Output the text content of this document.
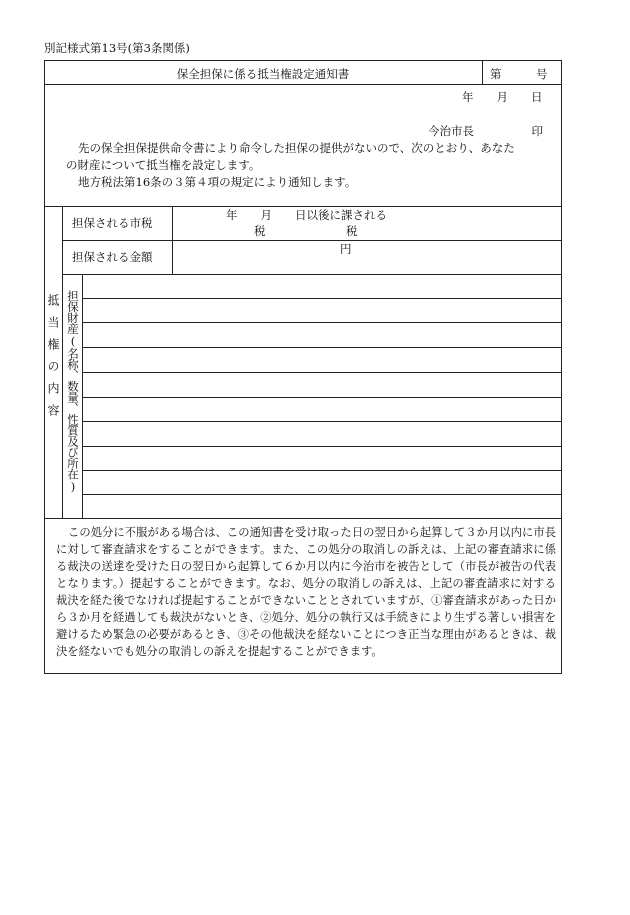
別記様式第13号(第3条関係)
保全担保に係る抵当権設定通知書	第　　　号
年　　月　　日
今治市長　　　　　印
先の保全担保提供命令書により命令した担保の提供がないので、次のとおり、あなた
の財産について抵当権を設定します。
地方税法第16条の３第４項の規定により通知します。
抵当権の内容
担保される市税
年　　月　　日以後に課される
税　　　　　　　税
担保される金額
円
担保財産(名称、数量、性質及び所在)
この処分に不服がある場合は、この通知書を受け取った日の翌日から起算して３か月以内に市長に対して審査請求をすることができます。また、この処分の取消しの訴えは、上記の審査請求に係る裁決の送達を受けた日の翌日から起算して６か月以内に今治市を被告として（市長が被告の代表となります。）提起することができます。なお、処分の取消しの訴えは、上記の審査請求に対する裁決を経た後でなければ提起することができないこととされていますが、①審査請求があった日から３か月を経過しても裁決がないとき、②処分、処分の執行又は手続きにより生ずる著しい損害を避けるため緊急の必要があるとき、③その他裁決を経ないことにつき正当な理由があるときは、裁決を経ないでも処分の取消しの訴えを提起することができます。
